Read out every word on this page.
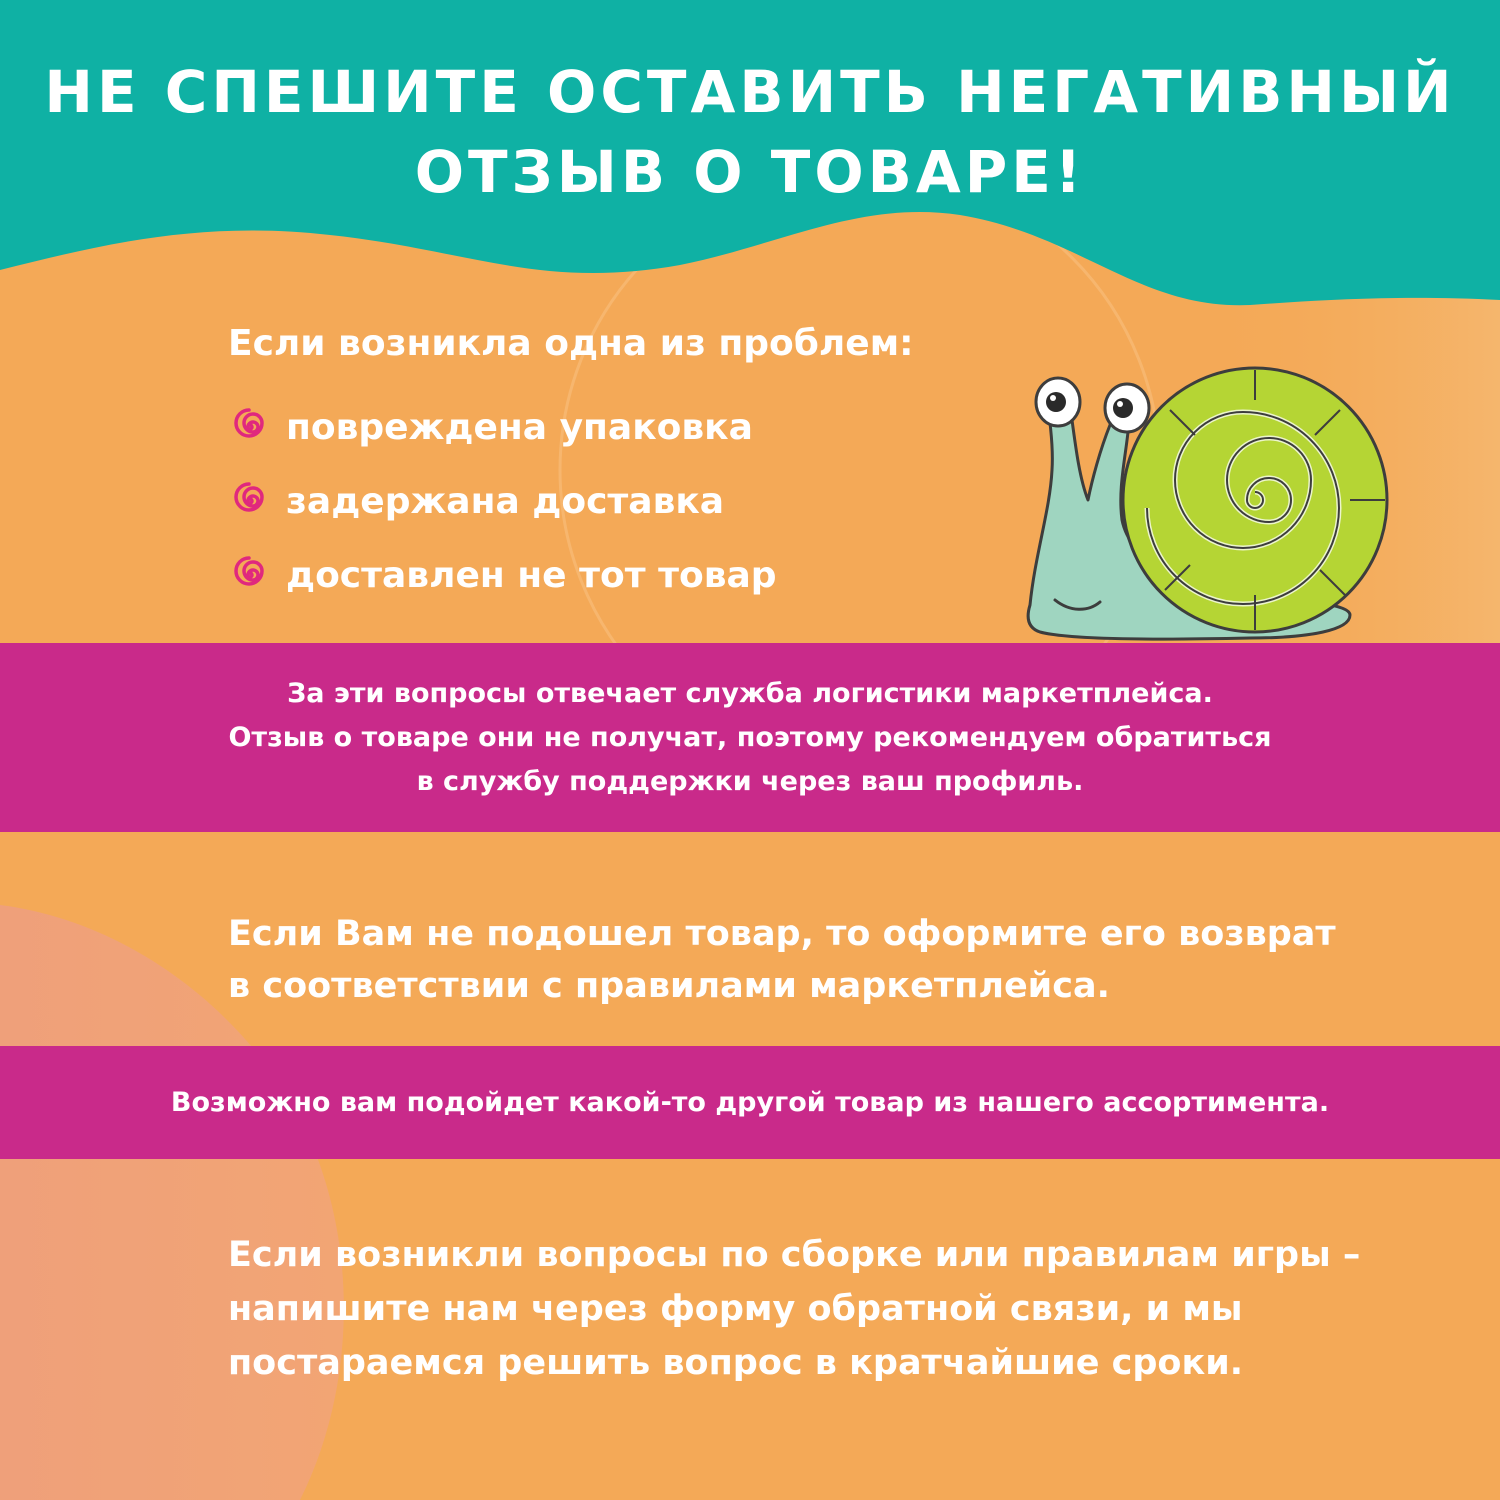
НЕ СПЕШИТЕ ОСТАВИТЬ НЕГАТИВНЫЙ
ОТЗЫВ О ТОВАРЕ!
Если возникла одна из проблем:
повреждена упаковка
задержана доставка
доставлен не тот товар
За эти вопросы отвечает служба логистики маркетплейса.
Отзыв о товаре они не получат, поэтому рекомендуем обратиться
в службу поддержки через ваш профиль.
Если Вам не подошел товар, то оформите его возврат
в соответствии с правилами маркетплейса.
Возможно вам подойдет какой-то другой товар из нашего ассортимента.
Если возникли вопросы по сборке или правилам игры –
напишите нам через форму обратной связи, и мы
постараемся решить вопрос в кратчайшие сроки.
